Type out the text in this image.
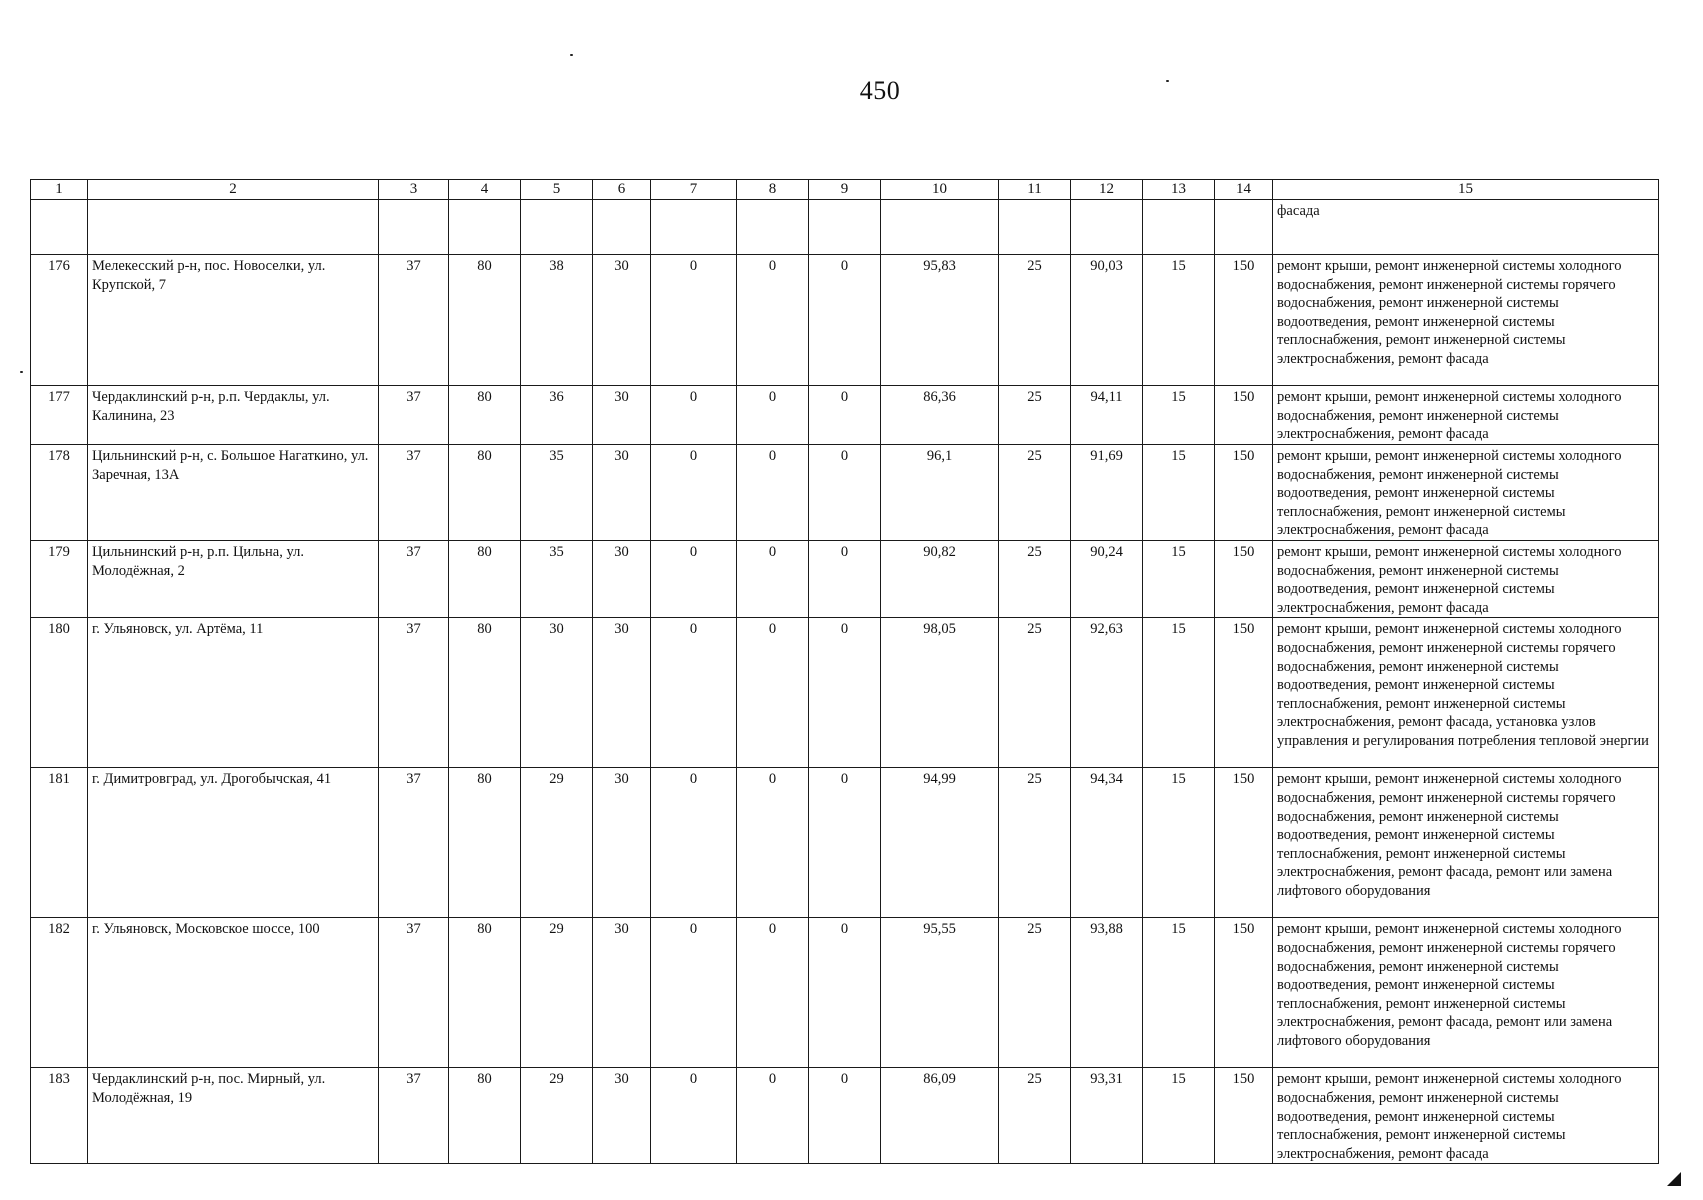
450
1	2	3	4	5	6	7	8	9	10	11	12	13	14	15
														фасада
176	Мелекесский р-н, пос. Новоселки, ул. Крупской, 7	37	80	38	30	0	0	0	95,83	25	90,03	15	150	ремонт крыши, ремонт инженерной системы холодного водоснабжения, ремонт инженерной системы горячего водоснабжения, ремонт инженерной системы водоотведения, ремонт инженерной системы теплоснабжения, ремонт инженерной системы электроснабжения, ремонт фасада
177	Чердаклинский р-н, р.п. Чердаклы, ул. Калинина, 23	37	80	36	30	0	0	0	86,36	25	94,11	15	150	ремонт крыши, ремонт инженерной системы холодного водоснабжения, ремонт инженерной системы электроснабжения, ремонт фасада
178	Цильнинский р-н, с. Большое Нагаткино, ул. Заречная, 13А	37	80	35	30	0	0	0	96,1	25	91,69	15	150	ремонт крыши, ремонт инженерной системы холодного водоснабжения, ремонт инженерной системы водоотведения, ремонт инженерной системы теплоснабжения, ремонт инженерной системы электроснабжения, ремонт фасада
179	Цильнинский р-н, р.п. Цильна, ул. Молодёжная, 2	37	80	35	30	0	0	0	90,82	25	90,24	15	150	ремонт крыши, ремонт инженерной системы холодного водоснабжения, ремонт инженерной системы водоотведения, ремонт инженерной системы электроснабжения, ремонт фасада
180	г. Ульяновск, ул. Артёма, 11	37	80	30	30	0	0	0	98,05	25	92,63	15	150	ремонт крыши, ремонт инженерной системы холодного водоснабжения, ремонт инженерной системы горячего водоснабжения, ремонт инженерной системы водоотведения, ремонт инженерной системы теплоснабжения, ремонт инженерной системы электроснабжения, ремонт фасада, установка узлов управления и регулирования потребления тепловой энергии
181	г. Димитровград, ул. Дрогобычская, 41	37	80	29	30	0	0	0	94,99	25	94,34	15	150	ремонт крыши, ремонт инженерной системы холодного водоснабжения, ремонт инженерной системы горячего водоснабжения, ремонт инженерной системы водоотведения, ремонт инженерной системы теплоснабжения, ремонт инженерной системы электроснабжения, ремонт фасада, ремонт или замена лифтового оборудования
182	г. Ульяновск, Московское шоссе, 100	37	80	29	30	0	0	0	95,55	25	93,88	15	150	ремонт крыши, ремонт инженерной системы холодного водоснабжения, ремонт инженерной системы горячего водоснабжения, ремонт инженерной системы водоотведения, ремонт инженерной системы теплоснабжения, ремонт инженерной системы электроснабжения, ремонт фасада, ремонт или замена лифтового оборудования
183	Чердаклинский р-н, пос. Мирный, ул. Молодёжная, 19	37	80	29	30	0	0	0	86,09	25	93,31	15	150	ремонт крыши, ремонт инженерной системы холодного водоснабжения, ремонт инженерной системы водоотведения, ремонт инженерной системы теплоснабжения, ремонт инженерной системы электроснабжения, ремонт фасада
